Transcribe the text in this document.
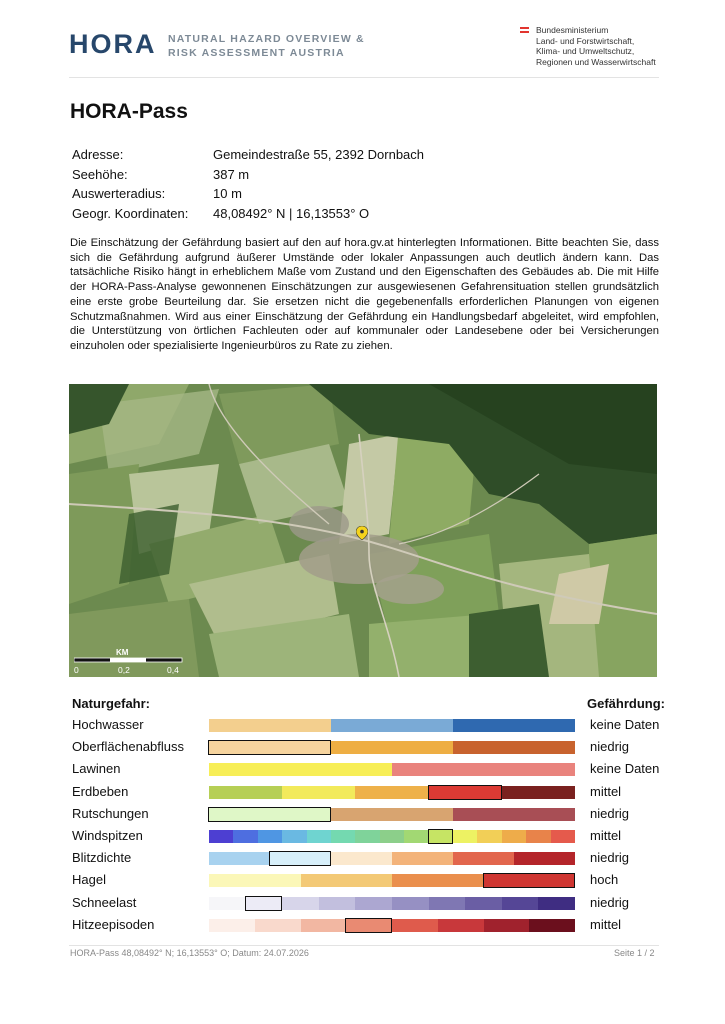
HORA NATURAL HAZARD OVERVIEW &
RISK ASSESSMENT AUSTRIA
Bundesministerium
Land- und Forstwirtschaft,
Klima- und Umweltschutz,
Regionen und Wasserwirtschaft
HORA-Pass
Adresse:	Gemeindestraße 55, 2392 Dornbach
Seehöhe:	387 m
Auswerteradius:	10 m
Geogr. Koordinaten:	48,08492° N | 16,13553° O

Die Einschätzung der Gefährdung basiert auf den auf hora.gv.at hinterlegten Informationen. Bitte beachten Sie, dass sich die Gefährdung aufgrund äußerer Umstände oder lokaler Anpassungen auch deutlich ändern kann. Das tatsächliche Risiko hängt in erheblichem Maße vom Zustand und den Eigenschaften des Gebäudes ab. Die mit Hilfe der HORA-Pass-Analyse gewonnenen Einschätzungen zur ausgewiesenen Gefahrensituation stellen grundsätzlich eine erste grobe Beurteilung dar. Sie ersetzen nicht die gegebenenfalls erforderlichen Planungen von eigenen Schutzmaßnahmen. Wird aus einer Einschätzung der Gefährdung ein Handlungsbedarf abgeleitet, wird empfohlen, die Unterstützung von örtlichen Fachleuten oder auf kommunaler oder Landesebene oder bei Versicherungen einzuholen oder spezialisierte Ingenieurbüros zu Rate zu ziehen.

KM
0	0,2	0,4
Naturgefahr:	Gefährdung:
Hochwasser	keine Daten
Oberflächenabfluss	niedrig
Lawinen	keine Daten
Erdbeben	mittel
Rutschungen	niedrig
Windspitzen	mittel
Blitzdichte	niedrig
Hagel	hoch
Schneelast	niedrig
Hitzeepisoden	mittel
HORA-Pass 48,08492° N; 16,13553° O; Datum: 24.07.2026	Seite 1 / 2
